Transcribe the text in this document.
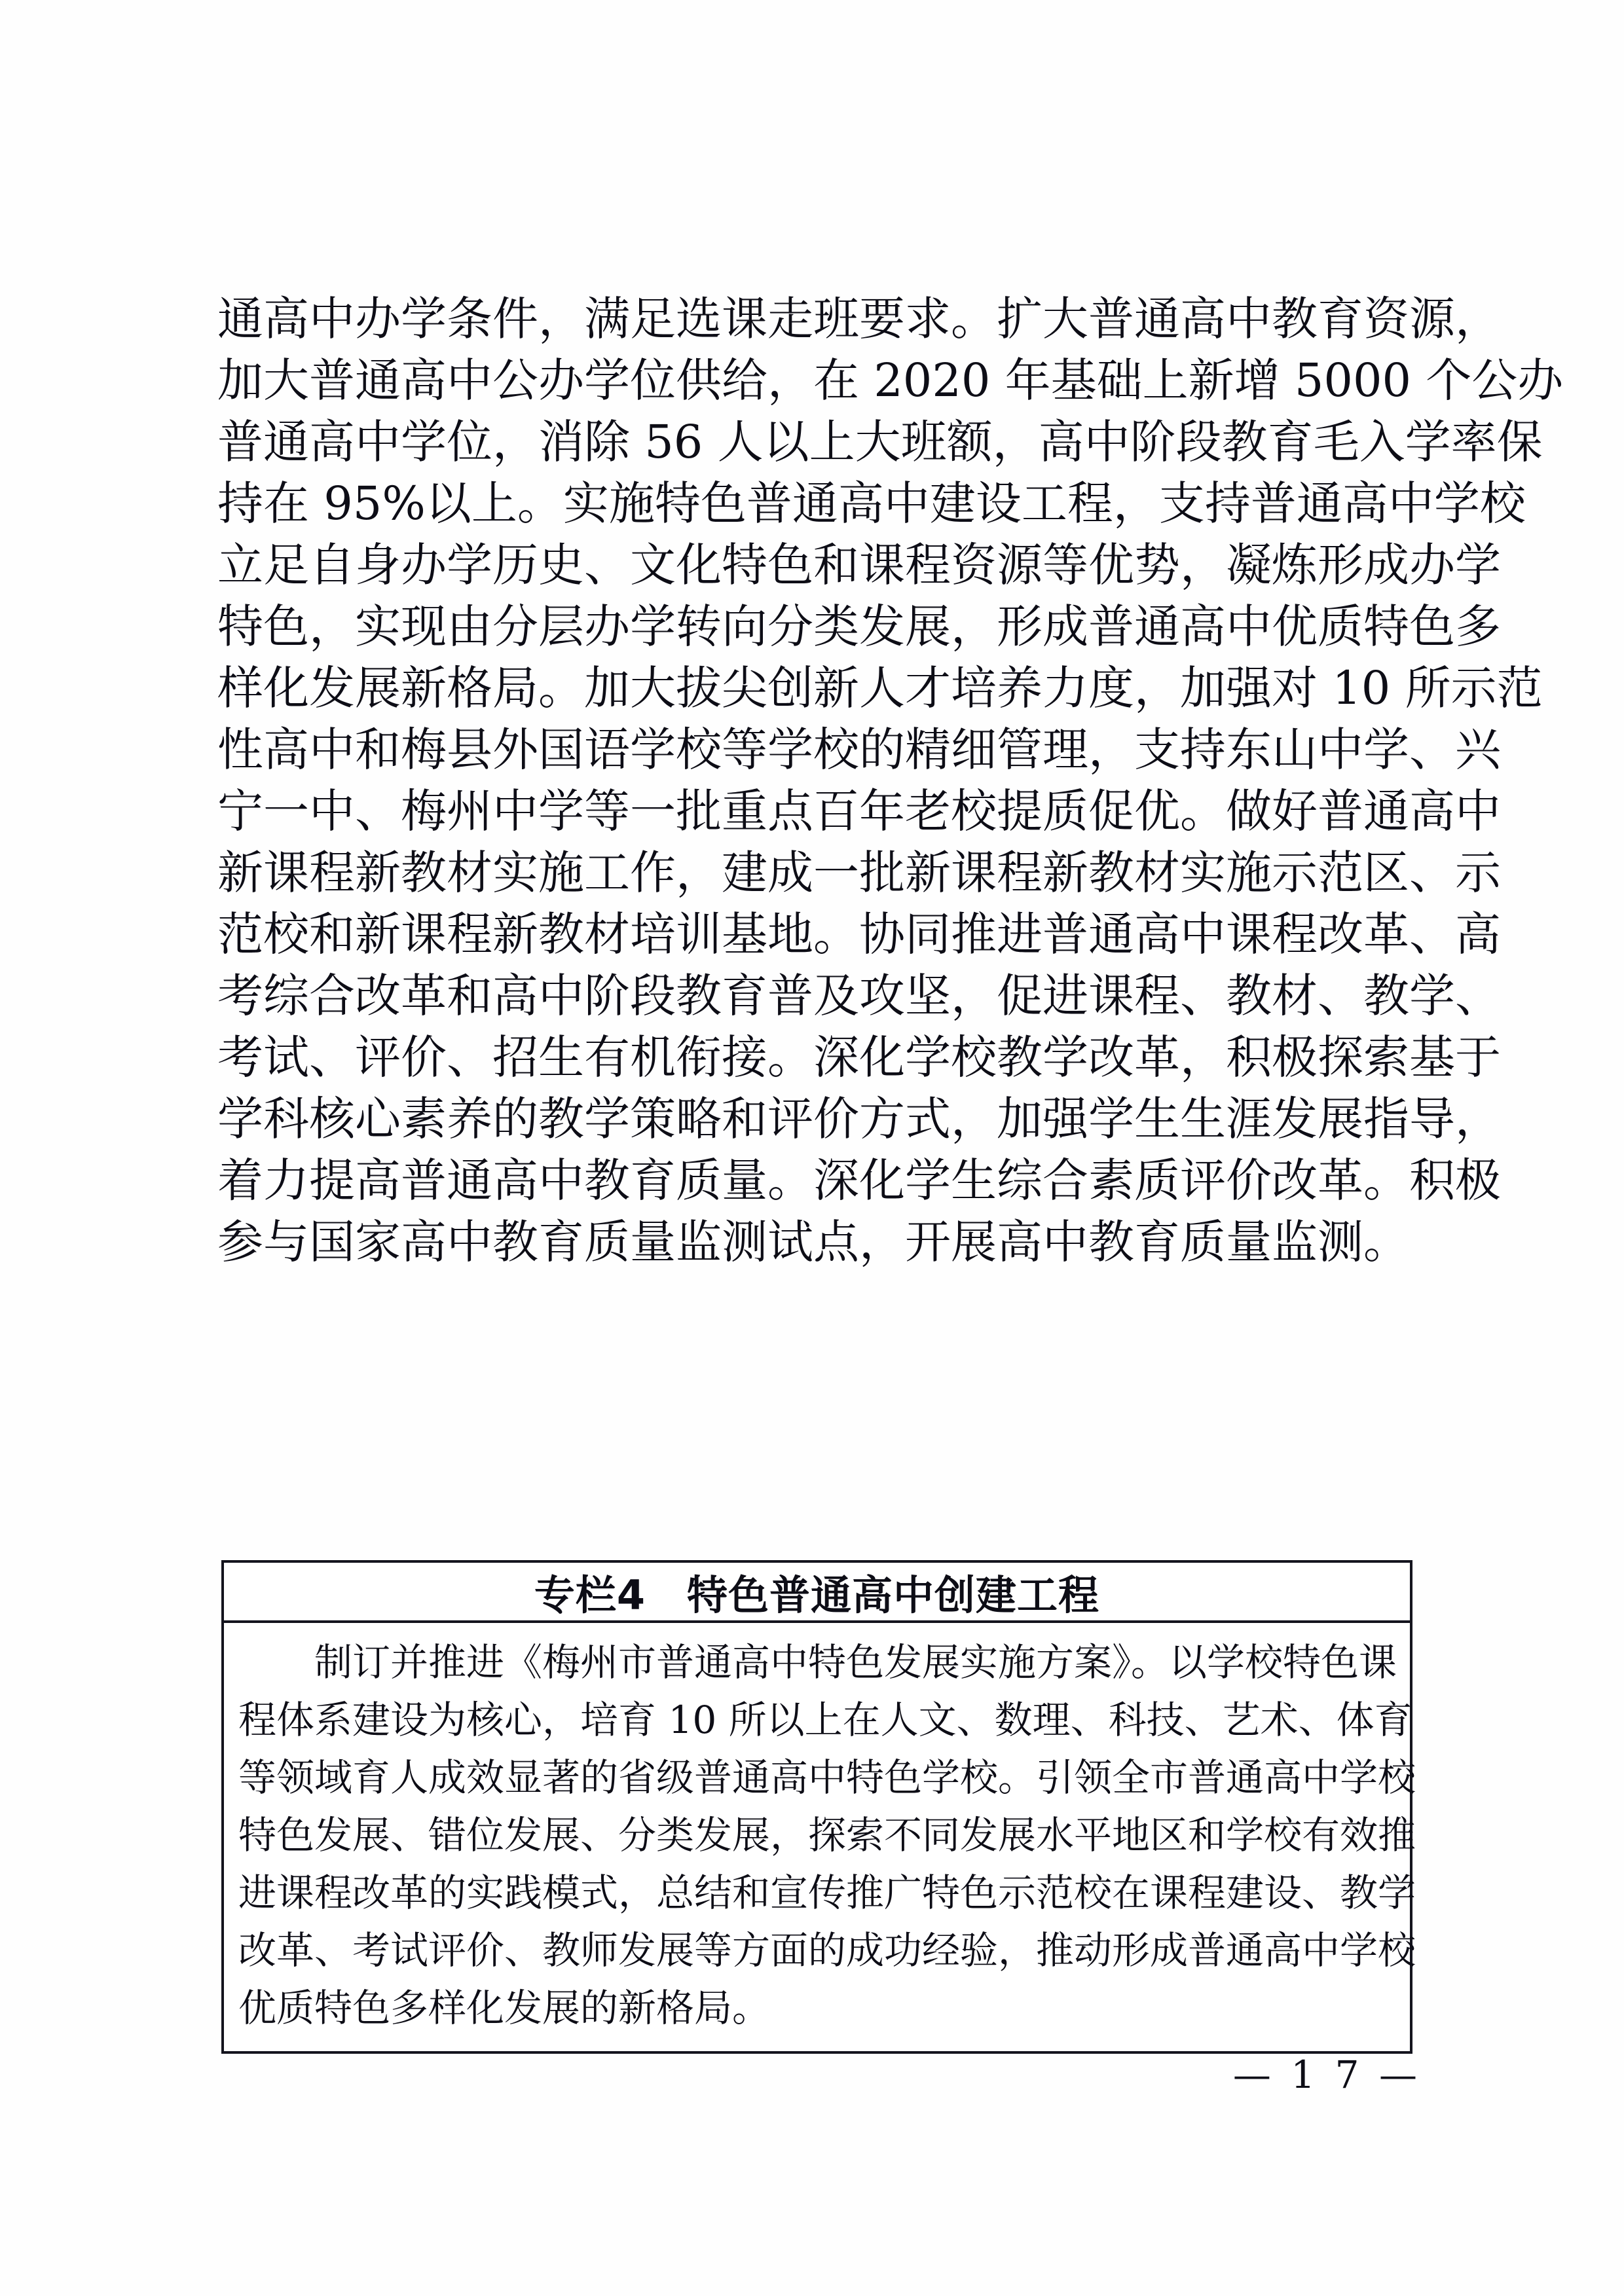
通高中办学条件，满足选课走班要求。扩大普通高中教育资源，
加大普通高中公办学位供给，在 2020 年基础上新增 5000 个公办
普通高中学位，消除 56 人以上大班额，高中阶段教育毛入学率保
持在 95%以上。实施特色普通高中建设工程，支持普通高中学校
立足自身办学历史、文化特色和课程资源等优势，凝炼形成办学
特色，实现由分层办学转向分类发展，形成普通高中优质特色多
样化发展新格局。加大拔尖创新人才培养力度，加强对 10 所示范
性高中和梅县外国语学校等学校的精细管理，支持东山中学、兴
宁一中、梅州中学等一批重点百年老校提质促优。做好普通高中
新课程新教材实施工作，建成一批新课程新教材实施示范区、示
范校和新课程新教材培训基地。协同推进普通高中课程改革、高
考综合改革和高中阶段教育普及攻坚，促进课程、教材、教学、
考试、评价、招生有机衔接。深化学校教学改革，积极探索基于
学科核心素养的教学策略和评价方式，加强学生生涯发展指导，
着力提高普通高中教育质量。深化学生综合素质评价改革。积极
参与国家高中教育质量监测试点，开展高中教育质量监测。
专栏4　特色普通高中创建工程
　　制订并推进《梅州市普通高中特色发展实施方案》。以学校特色课
程体系建设为核心，培育 10 所以上在人文、数理、科技、艺术、体育
等领域育人成效显著的省级普通高中特色学校。引领全市普通高中学校
特色发展、错位发展、分类发展，探索不同发展水平地区和学校有效推
进课程改革的实践模式，总结和宣传推广特色示范校在课程建设、教学
改革、考试评价、教师发展等方面的成功经验，推动形成普通高中学校
优质特色多样化发展的新格局。
— 1 7 —
